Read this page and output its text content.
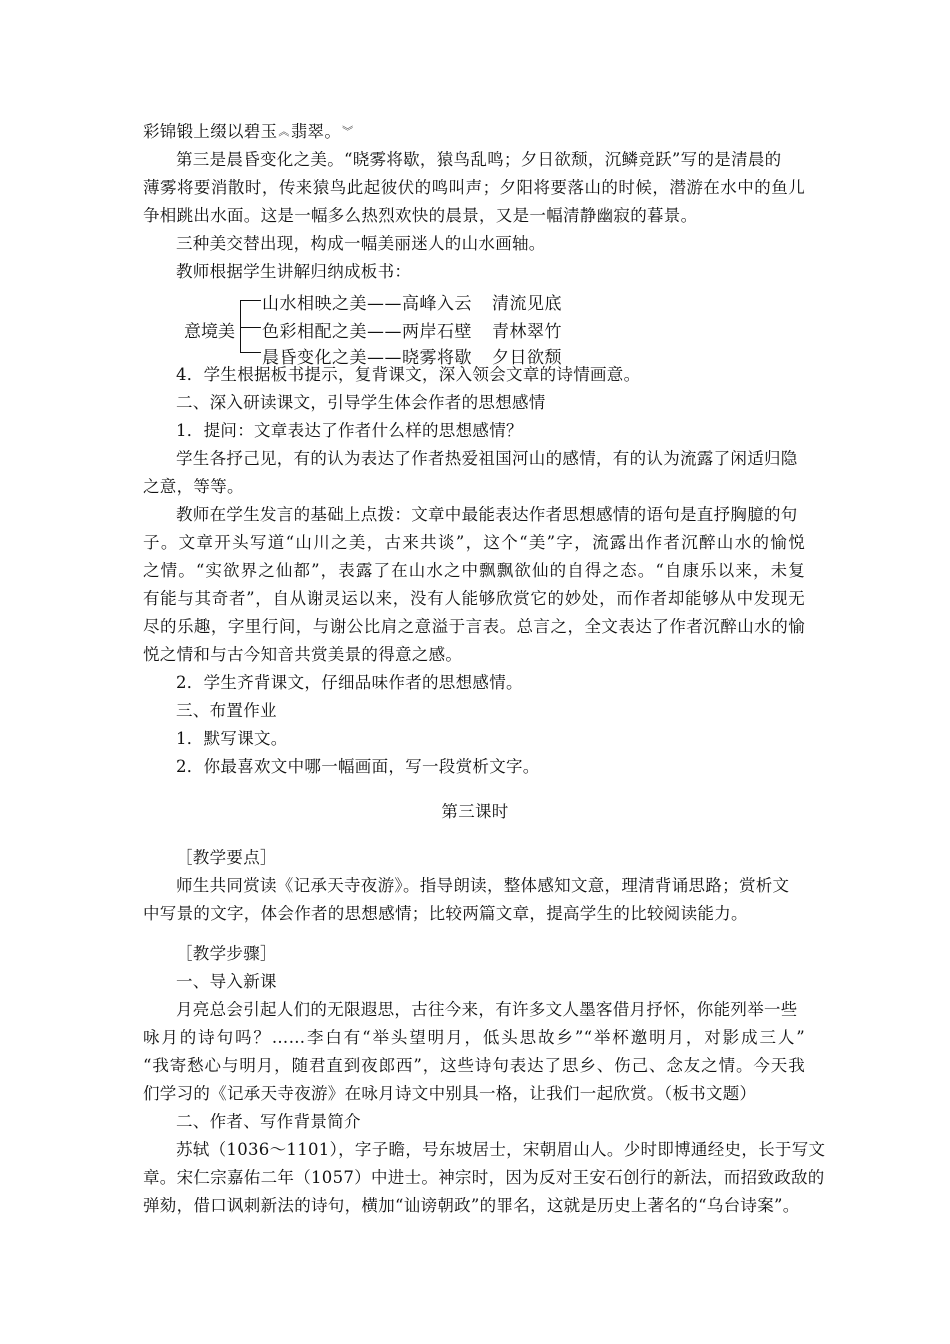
彩锦锻上缀以碧玉︽翡翠。︾
第三是晨昏变化之美。“晓雾将歇，猿鸟乱鸣；夕日欲颓，沉鳞竞跃”写的是清晨的
薄雾将要消散时，传来猿鸟此起彼伏的鸣叫声；夕阳将要落山的时候，潜游在水中的鱼儿
争相跳出水面。这是一幅多么热烈欢快的晨景，又是一幅清静幽寂的暮景。
三种美交替出现，构成一幅美丽迷人的山水画轴。
教师根据学生讲解归纳成板书：
意境美
山水相映之美——高峰入云 清流见底
色彩相配之美——两岸石壁 青林翠竹
晨昏变化之美——晓雾将歇 夕日欲颓
4．学生根据板书提示，复背课文，深入领会文章的诗情画意。
二、深入研读课文，引导学生体会作者的思想感情
1．提问：文章表达了作者什么样的思想感情？
学生各抒己见，有的认为表达了作者热爱祖国河山的感情，有的认为流露了闲适归隐
之意，等等。
教师在学生发言的基础上点拨：文章中最能表达作者思想感情的语句是直抒胸臆的句
子。文章开头写道“山川之美，古来共谈”，这个“美”字，流露出作者沉醉山水的愉悦
之情。“实欲界之仙都”，表露了在山水之中飘飘欲仙的自得之态。“自康乐以来，未复
有能与其奇者”，自从谢灵运以来，没有人能够欣赏它的妙处，而作者却能够从中发现无
尽的乐趣，字里行间，与谢公比肩之意溢于言表。总言之，全文表达了作者沉醉山水的愉
悦之情和与古今知音共赏美景的得意之感。
2．学生齐背课文，仔细品味作者的思想感情。
三、布置作业
1．默写课文。
2．你最喜欢文中哪一幅画面，写一段赏析文字。
第三课时
［教学要点］
师生共同赏读《记承天寺夜游》。指导朗读，整体感知文意，理清背诵思路；赏析文
中写景的文字，体会作者的思想感情；比较两篇文章，提高学生的比较阅读能力。
［教学步骤］
一、导入新课
月亮总会引起人们的无限遐思，古往今来，有许多文人墨客借月抒怀，你能列举一些
咏月的诗句吗？……李白有“举头望明月，低头思故乡”“举杯邀明月，对影成三人”
“我寄愁心与明月，随君直到夜郎西”，这些诗句表达了思乡、伤己、念友之情。今天我
们学习的《记承天寺夜游》在咏月诗文中别具一格，让我们一起欣赏。（板书文题）
二、作者、写作背景简介
苏轼（1036～1101），字子瞻，号东坡居士，宋朝眉山人。少时即博通经史，长于写文
章。宋仁宗嘉佑二年（1057）中进士。神宗时，因为反对王安石创行的新法，而招致政敌的
弹劾，借口讽刺新法的诗句，横加“讪谤朝政”的罪名，这就是历史上著名的“乌台诗案”。
